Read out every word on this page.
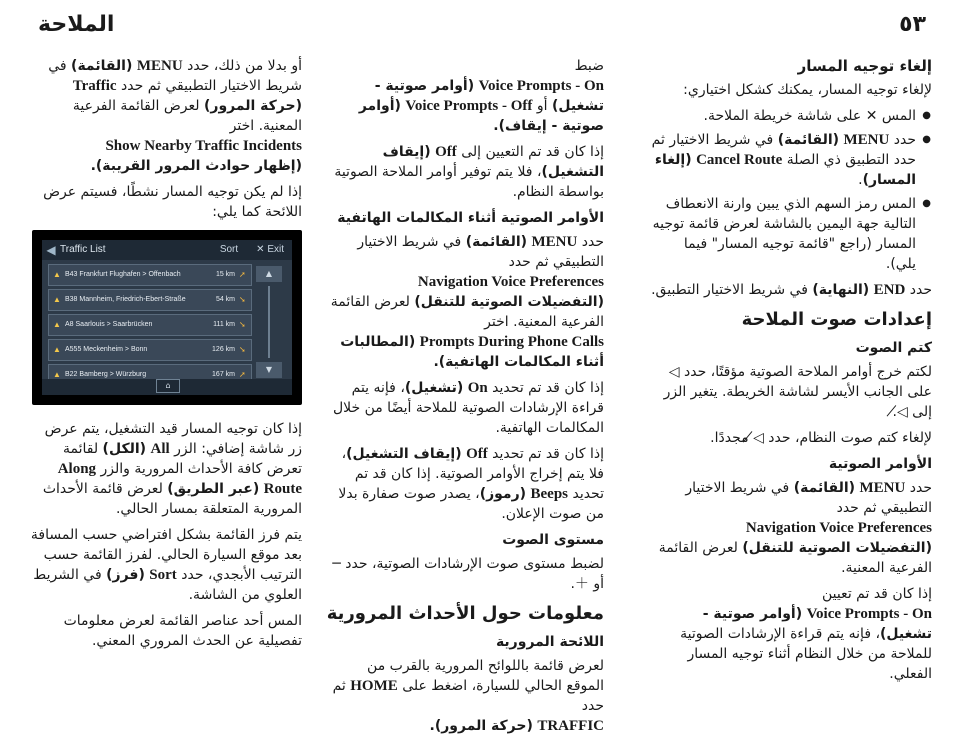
٥٣
الملاحة
إلغاء توجيه المسار

لإلغاء توجيه المسار، يمكنك كشكل اختياري:

● المس ✕ على شاشة خريطة الملاحة.
● حدد MENU (القائمة) في شريط الاختيار ثم حدد التطبيق ذي الصلة Cancel Route (إلغاء المسار).
● المس رمز السهم الذي يبين وارنة الانعطاف التالية جهة اليمين بالشاشة لعرض قائمة توجيه المسار (راجع "قائمة توجيه المسار" فيما يلي).

حدد END (النهاية) في شريط الاختيار التطبيق.

إعدادات صوت الملاحة
كتم الصوت

لكتم خرج أوامر الملاحة الصوتية مؤقتًا، حدد ◁ على الجانب الأيسر لشاشة الخريطة. يتغير الزر إلى ◁̸.

لإلغاء كتم صوت النظام، حدد ◁̸ مجددًا.

الأوامر الصوتية

حدد MENU (القائمة) في شريط الاختيار التطبيقي ثم حدد
Navigation Voice Preferences
(التفضيلات الصوتية للتنقل) لعرض القائمة الفرعية المعنية.

إذا كان قد تم تعيين
Voice Prompts - On (أوامر صوتية - تشغيل)، فإنه يتم قراءة الإرشادات الصوتية للملاحة من خلال النظام أثناء توجيه المسار الفعلي.

ضبط
Voice Prompts - On (أوامر صوتية - تشغيل) أو Voice Prompts - Off (أوامر صوتية - إيقاف).

إذا كان قد تم التعيين إلى Off (إيقاف التشغيل)، فلا يتم توفير أوامر الملاحة الصوتية بواسطة النظام.

الأوامر الصوتية أثناء المكالمات الهاتفية

حدد MENU (القائمة) في شريط الاختيار التطبيقي ثم حدد
Navigation Voice Preferences
(التفضيلات الصوتية للتنقل) لعرض القائمة الفرعية المعنية. اختر
Prompts During Phone Calls (المطالبات أثناء المكالمات الهاتفية).

إذا كان قد تم تحديد On (تشغيل)، فإنه يتم قراءة الإرشادات الصوتية للملاحة أيضًا من خلال المكالمات الهاتفية.

إذا كان قد تم تحديد Off (إيقاف التشغيل)، فلا يتم إخراج الأوامر الصوتية. إذا كان قد تم تحديد Beeps (رموز)، يصدر صوت صفارة بدلا من صوت الإعلان.

مستوى الصوت

لضبط مستوى صوت الإرشادات الصوتية، حدد ─ أو ＋.

معلومات حول الأحداث المرورية
اللائحة المرورية

لعرض قائمة باللوائح المرورية بالقرب من الموقع الحالي للسيارة، اضغط على HOME ثم حدد
TRAFFIC (حركة المرور).

أو بدلا من ذلك، حدد MENU (القائمة) في شريط الاختيار التطبيقي ثم حدد Traffic (حركة المرور) لعرض القائمة الفرعية المعنية. اختر
Show Nearby Traffic Incidents
(إظهار حوادث المرور القريبة).

إذا لم يكن توجيه المسار نشطًا، فسيتم عرض اللائحة كما يلي:

◀ Traffic List	Sort	✕ Exit
▲ B43 Frankfurt Flughafen > Offenbach	15 km ➚
▲ B38 Mannheim, Friedrich-Ebert-Straße	54 km ➘
▲ A8 Saarlouis > Saarbrücken	111 km ➘
▲ A555 Meckenheim > Bonn	126 km ➘
▲ B22 Bamberg > Würzburg	167 km ➚
▲
▼
⌂

إذا كان توجيه المسار قيد التشغيل، يتم عرض زر شاشة إضافي: الزر All (الكل) لقائمة تعرض كافة الأحداث المرورية والزر Along Route (عبر الطريق) لعرض قائمة الأحداث المرورية المتعلقة بمسار الحالي.

يتم فرز القائمة بشكل افتراضي حسب المسافة بعد موقع السيارة الحالي. لفرز القائمة حسب الترتيب الأبجدي، حدد Sort (فرز) في الشريط العلوي من الشاشة.

المس أحد عناصر القائمة لعرض معلومات تفصيلية عن الحدث المروري المعني.
